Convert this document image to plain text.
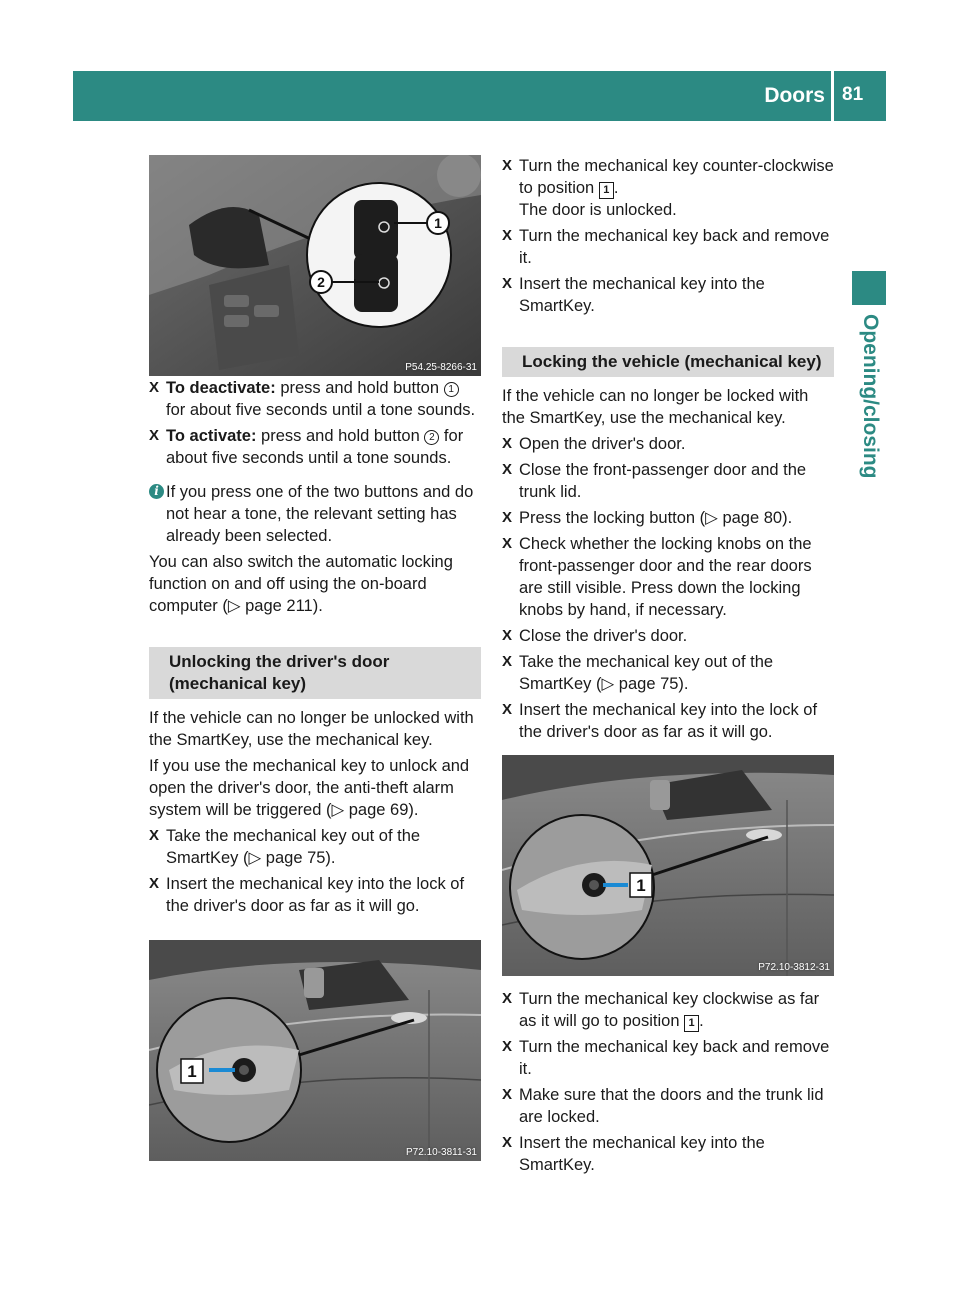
Doors 81
Opening/closing
1
2
P54.25-8266-31
X To deactivate: press and hold button 1 for about five seconds until a tone sounds.
X To activate: press and hold button 2 for about five seconds until a tone sounds.
i If you press one of the two buttons and do not hear a tone, the relevant setting has already been selected.

You can also switch the automatic locking function on and off using the on-board computer (▷ page 211).

Unlocking the driver's door (mechanical key)

If the vehicle can no longer be unlocked with the SmartKey, use the mechanical key.

If you use the mechanical key to unlock and open the driver's door, the anti-theft alarm system will be triggered (▷ page 69).

X Take the mechanical key out of the SmartKey (▷ page 75).
X Insert the mechanical key into the lock of the driver's door as far as it will go.
1
P72.10-3811-31
X Turn the mechanical key counter-clockwise to position 1 .
The door is unlocked.
X Turn the mechanical key back and remove it.
X Insert the mechanical key into the SmartKey.
Locking the vehicle (mechanical key)

If the vehicle can no longer be locked with the SmartKey, use the mechanical key.

X Open the driver's door.
X Close the front-passenger door and the trunk lid.
X Press the locking button (▷ page 80).
X Check whether the locking knobs on the front-passenger door and the rear doors are still visible. Press down the locking knobs by hand, if necessary.
X Close the driver's door.
X Take the mechanical key out of the SmartKey (▷ page 75).
X Insert the mechanical key into the lock of the driver's door as far as it will go.
1
P72.10-3812-31
X Turn the mechanical key clockwise as far as it will go to position 1 .
X Turn the mechanical key back and remove it.
X Make sure that the doors and the trunk lid are locked.
X Insert the mechanical key into the SmartKey.
